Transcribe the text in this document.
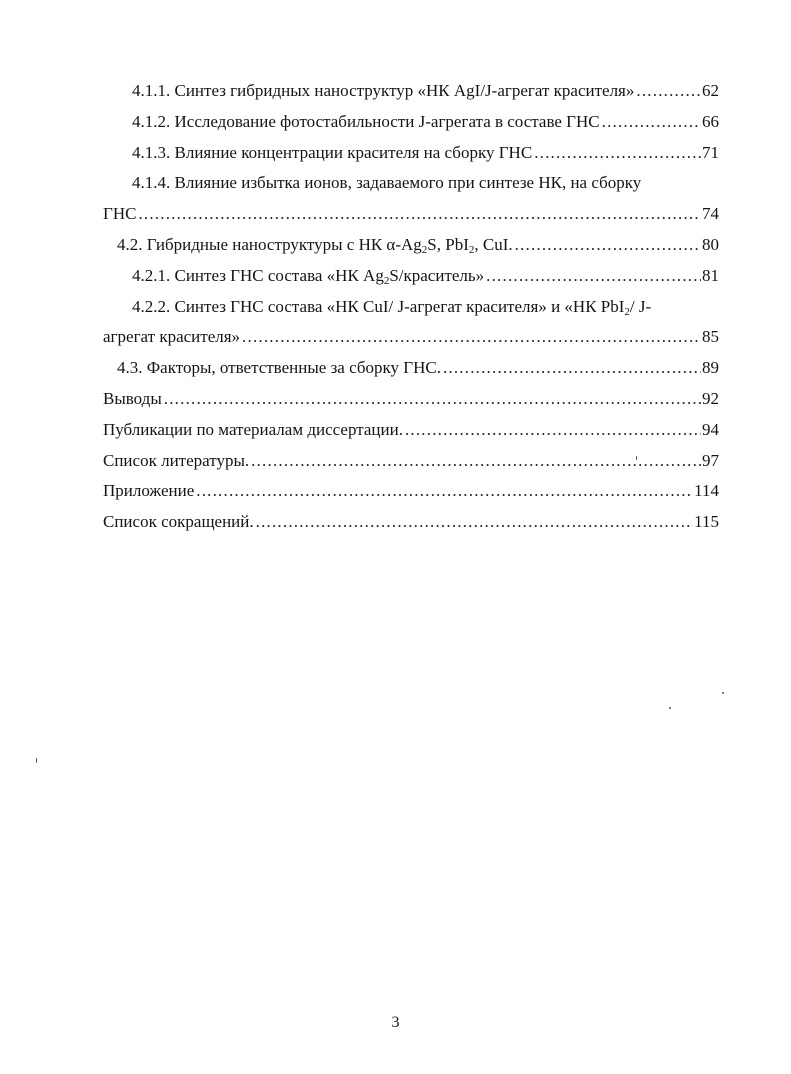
4.1.1. Синтез гибридных наноструктур «НК AgI/J-агрегат красителя» .....	62
4.1.2. Исследование фотостабильности J-агрегата в составе ГНС .....	66
4.1.3. Влияние концентрации красителя на сборку ГНС .....	71
4.1.4. Влияние избытка ионов, задаваемого при синтезе НК, на сборку
ГНС .....	74
4.2. Гибридные наноструктуры с НК $\alpha-Ag_2S$, PbI$_2$, CuI. .....	80
4.2.1. Синтез ГНС состава «НК $Ag_2S$/краситель» .....	81
4.2.2. Синтез ГНС состава «НК CuI/ J-агрегат красителя» и «НК PbI$_2$/ J-
агрегат красителя» .....	85
4.3. Факторы, ответственные за сборку ГНС. .....	89
Выводы .....	92
Публикации по материалам диссертации. .....	94
Список литературы. .....	97
Приложение .....	114
Список сокращений. .....	115
3
